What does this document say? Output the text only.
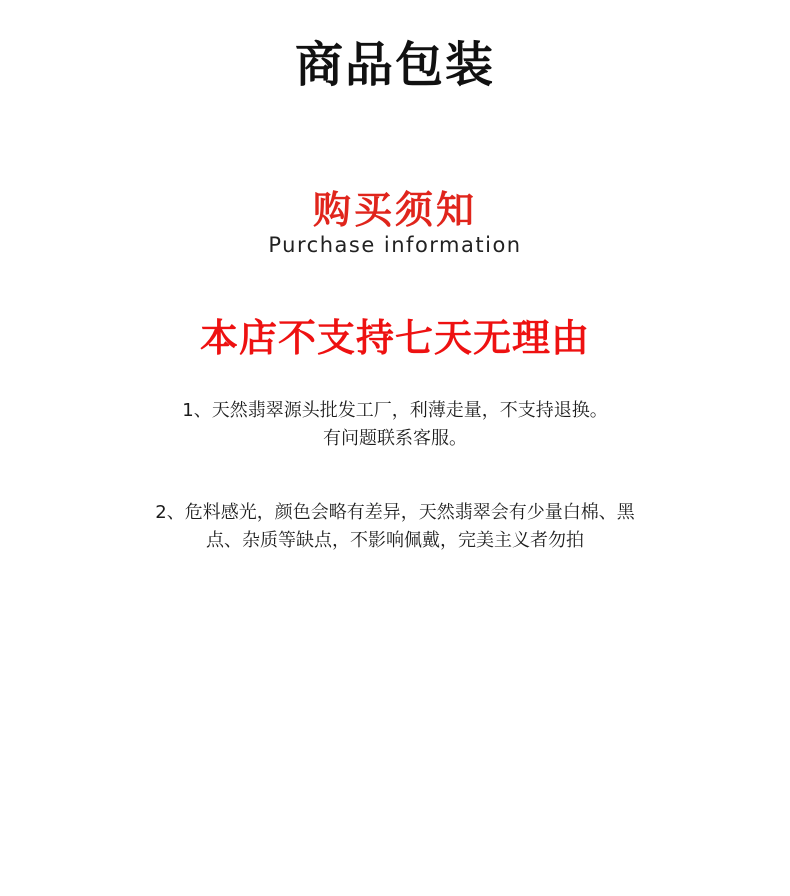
商品包装
购买须知
Purchase information
本店不支持七天无理由
1、天然翡翠源头批发工厂，利薄走量，不支持退换。
有问题联系客服。
2、危料感光，颜色会略有差异，天然翡翠会有少量白棉、黑
点、杂质等缺点，不影响佩戴，完美主义者勿拍
